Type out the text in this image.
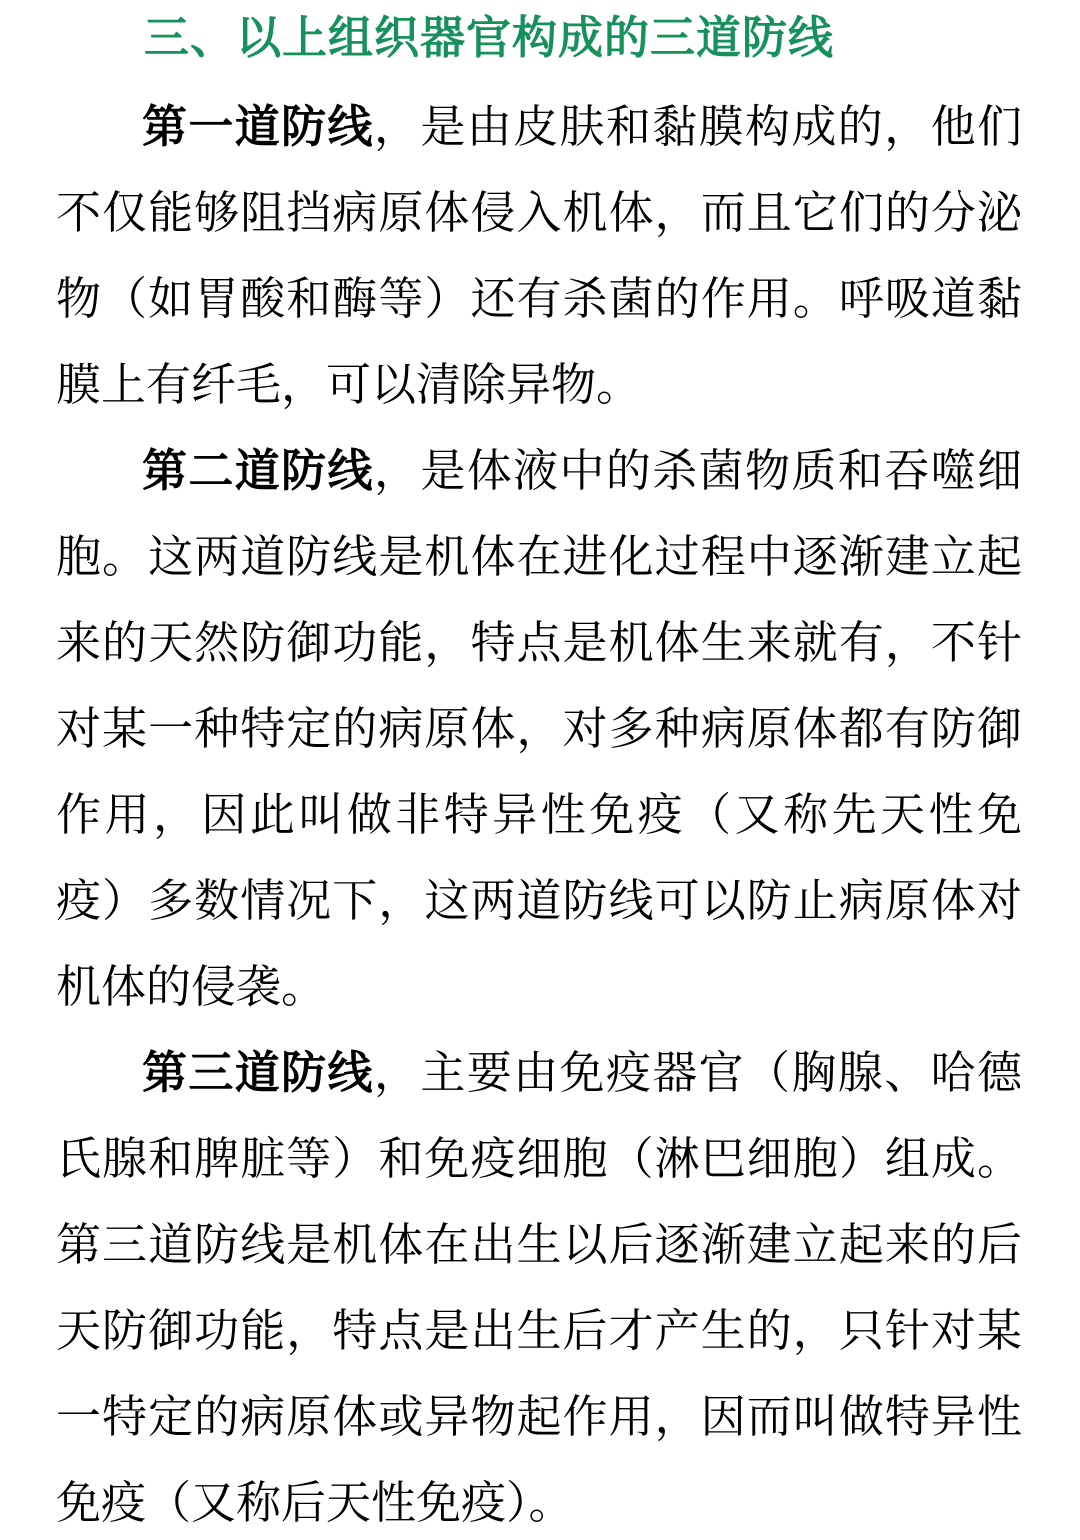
三、以上组织器官构成的三道防线
第一道防线，是由皮肤和黏膜构成的，他们
不仅能够阻挡病原体侵入机体，而且它们的分泌
物（如胃酸和酶等）还有杀菌的作用。呼吸道黏
膜上有纤毛，可以清除异物。
第二道防线，是体液中的杀菌物质和吞噬细
胞。这两道防线是机体在进化过程中逐渐建立起
来的天然防御功能，特点是机体生来就有，不针
对某一种特定的病原体，对多种病原体都有防御
作用，因此叫做非特异性免疫（又称先天性免
疫）多数情况下，这两道防线可以防止病原体对
机体的侵袭。
第三道防线，主要由免疫器官（胸腺、哈德
氏腺和脾脏等）和免疫细胞（淋巴细胞）组成。
第三道防线是机体在出生以后逐渐建立起来的后
天防御功能，特点是出生后才产生的，只针对某
一特定的病原体或异物起作用，因而叫做特异性
免疫（又称后天性免疫）。
